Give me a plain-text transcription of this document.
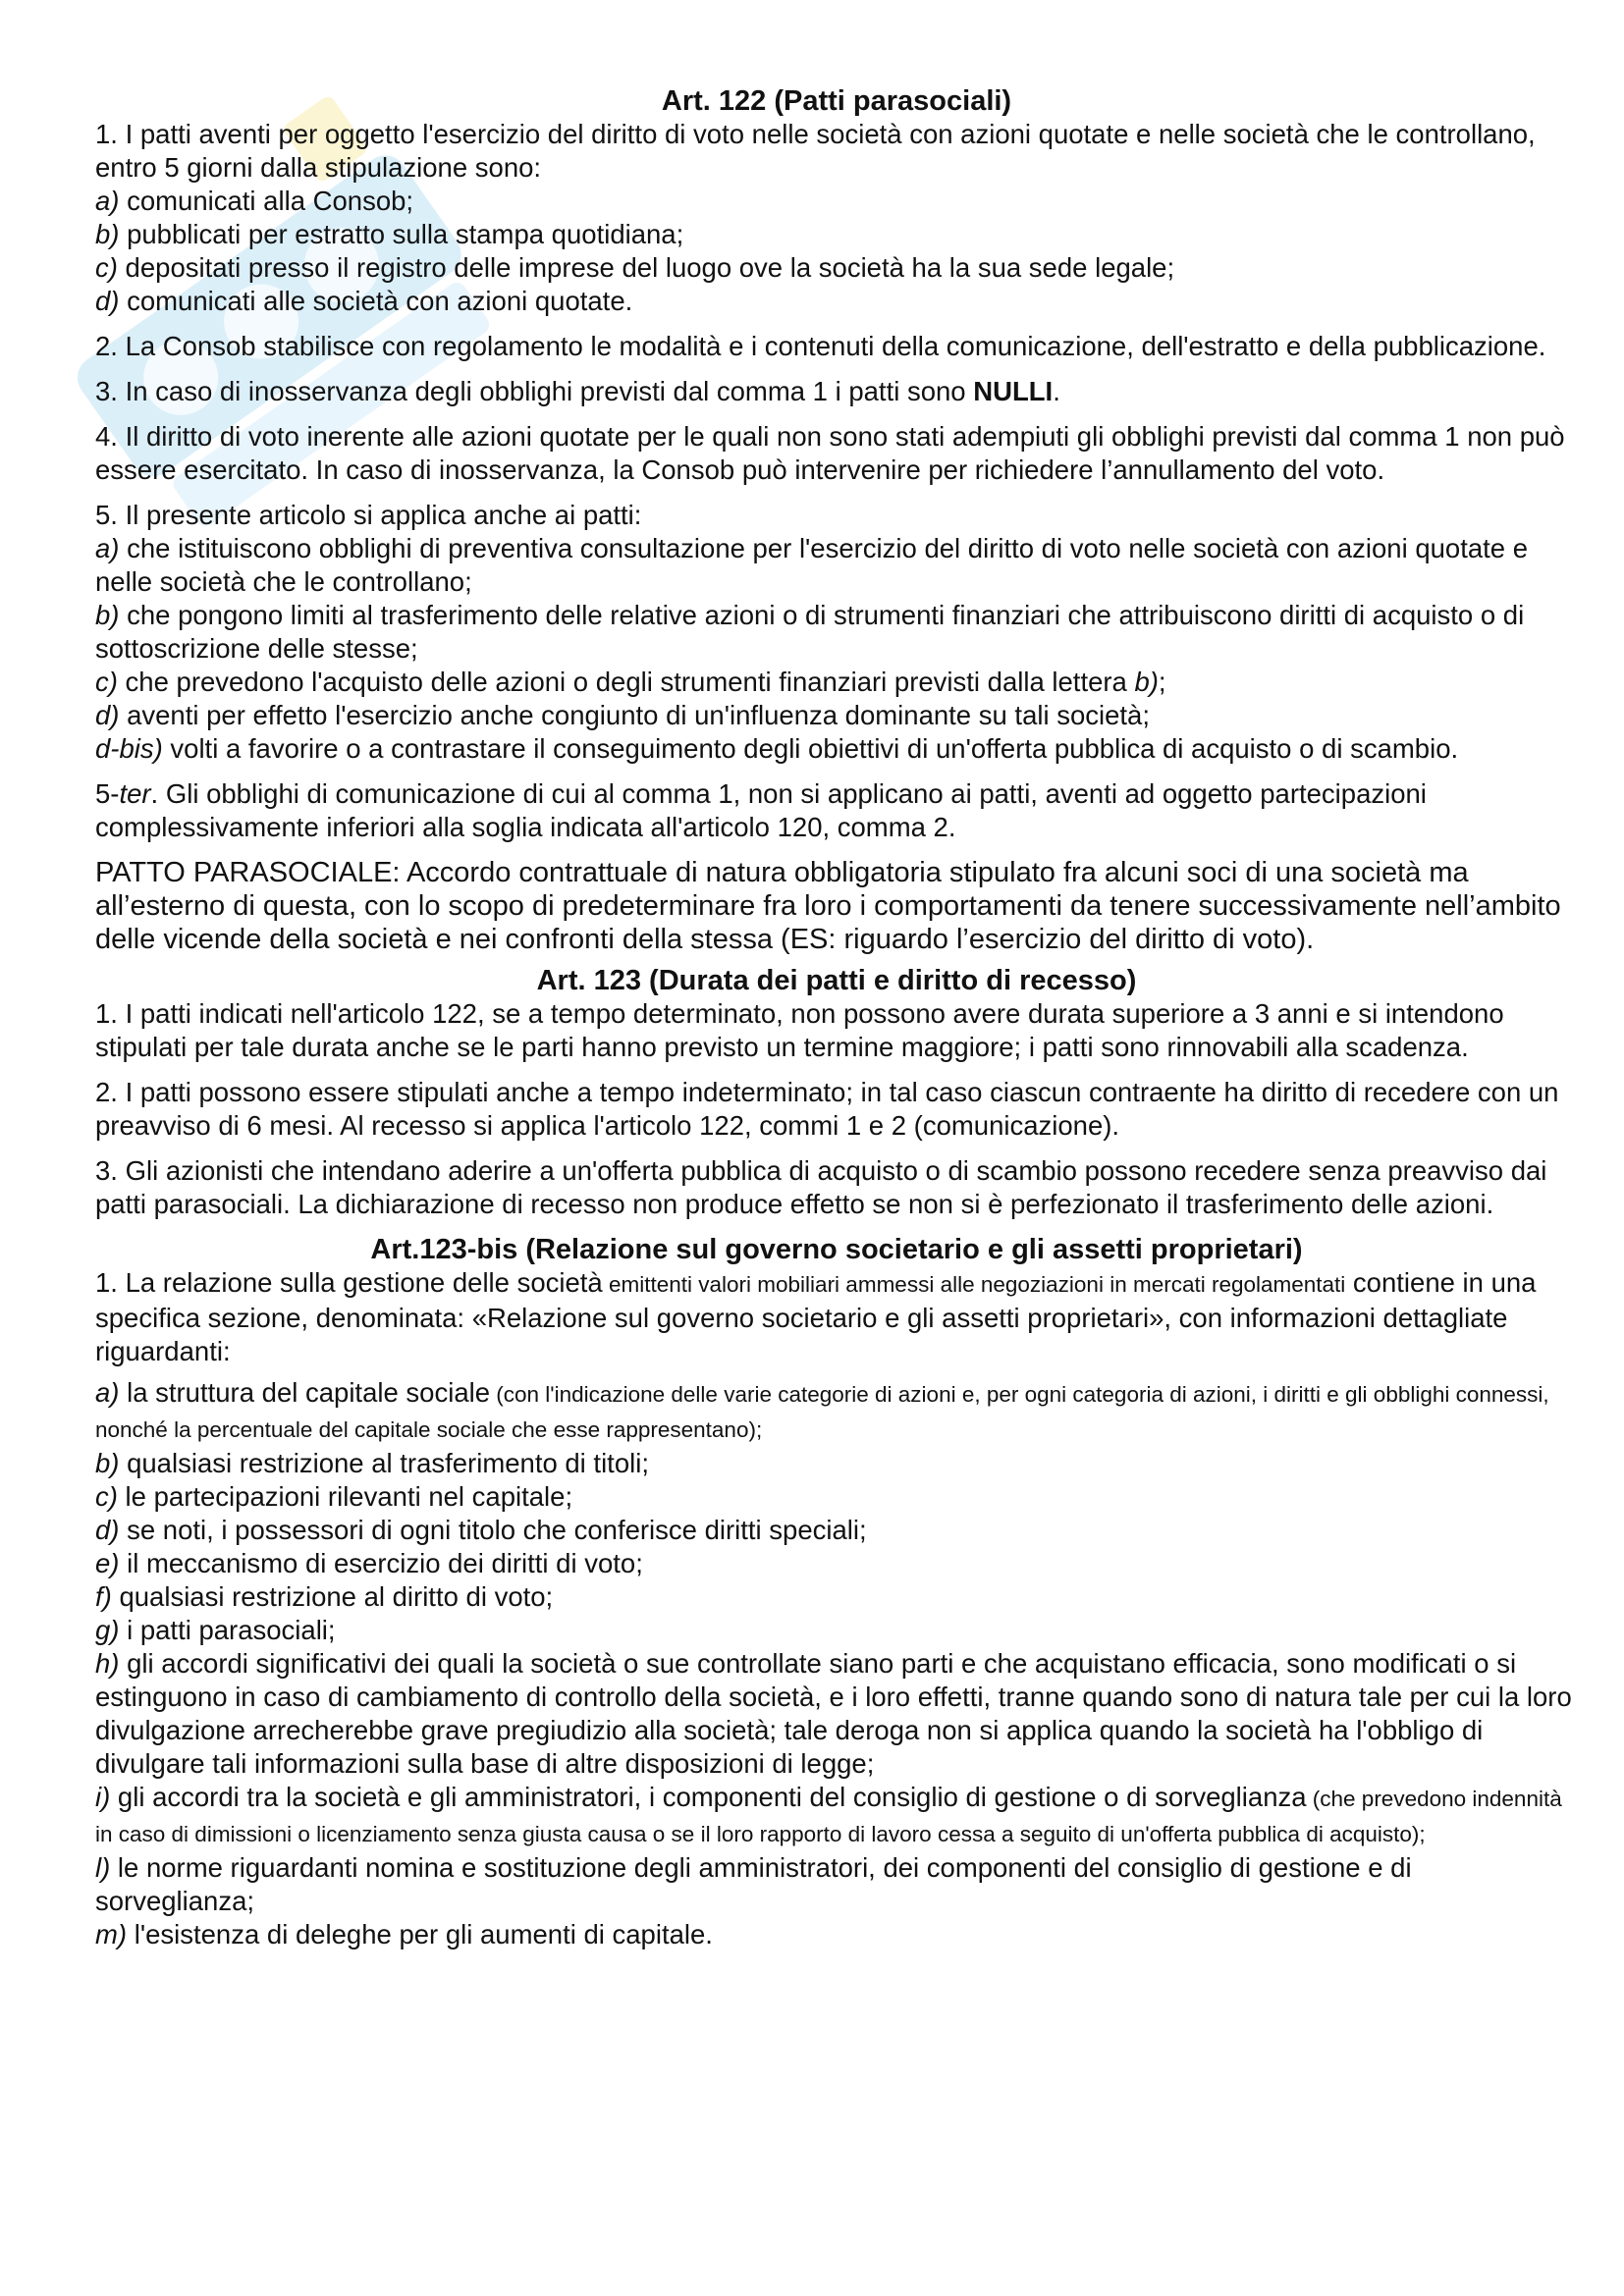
Art. 122 (Patti parasociali)

1. I patti aventi per oggetto l'esercizio del diritto di voto nelle società con azioni quotate e nelle società che le controllano, entro 5 giorni dalla stipulazione sono:

a) comunicati alla Consob;

b) pubblicati per estratto sulla stampa quotidiana;

c) depositati presso il registro delle imprese del luogo ove la società ha la sua sede legale;

d) comunicati alle società con azioni quotate.

2. La Consob stabilisce con regolamento le modalità e i contenuti della comunicazione, dell'estratto e della pubblicazione.

3. In caso di inosservanza degli obblighi previsti dal comma 1 i patti sono NULLI.

4. Il diritto di voto inerente alle azioni quotate per le quali non sono stati adempiuti gli obblighi previsti dal comma 1 non può essere esercitato. In caso di inosservanza, la Consob può intervenire per richiedere l’annullamento del voto.

5. Il presente articolo si applica anche ai patti:

a) che istituiscono obblighi di preventiva consultazione per l'esercizio del diritto di voto nelle società con azioni quotate e nelle società che le controllano;

b) che pongono limiti al trasferimento delle relative azioni o di strumenti finanziari che attribuiscono diritti di acquisto o di sottoscrizione delle stesse;

c) che prevedono l'acquisto delle azioni o degli strumenti finanziari previsti dalla lettera b);

d) aventi per effetto l'esercizio anche congiunto di un'influenza dominante su tali società;

d-bis) volti a favorire o a contrastare il conseguimento degli obiettivi di un'offerta pubblica di acquisto o di scambio.

5-ter. Gli obblighi di comunicazione di cui al comma 1, non si applicano ai patti, aventi ad oggetto partecipazioni complessivamente inferiori alla soglia indicata all'articolo 120, comma 2.

PATTO PARASOCIALE: Accordo contrattuale di natura obbligatoria stipulato fra alcuni soci di una società ma all’esterno di questa, con lo scopo di predeterminare fra loro i comportamenti da tenere successivamente nell’ambito delle vicende della società e nei confronti della stessa (ES: riguardo l’esercizio del diritto di voto).

Art. 123 (Durata dei patti e diritto di recesso)

1. I patti indicati nell'articolo 122, se a tempo determinato, non possono avere durata superiore a 3 anni e si intendono stipulati per tale durata anche se le parti hanno previsto un termine maggiore; i patti sono rinnovabili alla scadenza.

2. I patti possono essere stipulati anche a tempo indeterminato; in tal caso ciascun contraente ha diritto di recedere con un preavviso di 6 mesi. Al recesso si applica l'articolo 122, commi 1 e 2 (comunicazione).

3. Gli azionisti che intendano aderire a un'offerta pubblica di acquisto o di scambio possono recedere senza preavviso dai patti parasociali. La dichiarazione di recesso non produce effetto se non si è perfezionato il trasferimento delle azioni.

Art.123-bis (Relazione sul governo societario e gli assetti proprietari)

1. La relazione sulla gestione delle società emittenti valori mobiliari ammessi alle negoziazioni in mercati regolamentati contiene in una specifica sezione, denominata: «Relazione sul governo societario e gli assetti proprietari», con informazioni dettagliate riguardanti:

a) la struttura del capitale sociale (con l'indicazione delle varie categorie di azioni e, per ogni categoria di azioni, i diritti e gli obblighi connessi, nonché la percentuale del capitale sociale che esse rappresentano);

b) qualsiasi restrizione al trasferimento di titoli;

c) le partecipazioni rilevanti nel capitale;

d) se noti, i possessori di ogni titolo che conferisce diritti speciali;

e) il meccanismo di esercizio dei diritti di voto;

f) qualsiasi restrizione al diritto di voto;

g) i patti parasociali;

h) gli accordi significativi dei quali la società o sue controllate siano parti e che acquistano efficacia, sono modificati o si estinguono in caso di cambiamento di controllo della società, e i loro effetti, tranne quando sono di natura tale per cui la loro divulgazione arrecherebbe grave pregiudizio alla società; tale deroga non si applica quando la società ha l'obbligo di divulgare tali informazioni sulla base di altre disposizioni di legge;

i) gli accordi tra la società e gli amministratori, i componenti del consiglio di gestione o di sorveglianza (che prevedono indennità in caso di dimissioni o licenziamento senza giusta causa o se il loro rapporto di lavoro cessa a seguito di un'offerta pubblica di acquisto);

l) le norme riguardanti nomina e sostituzione degli amministratori, dei componenti del consiglio di gestione e di sorveglianza;

m) l'esistenza di deleghe per gli aumenti di capitale.
